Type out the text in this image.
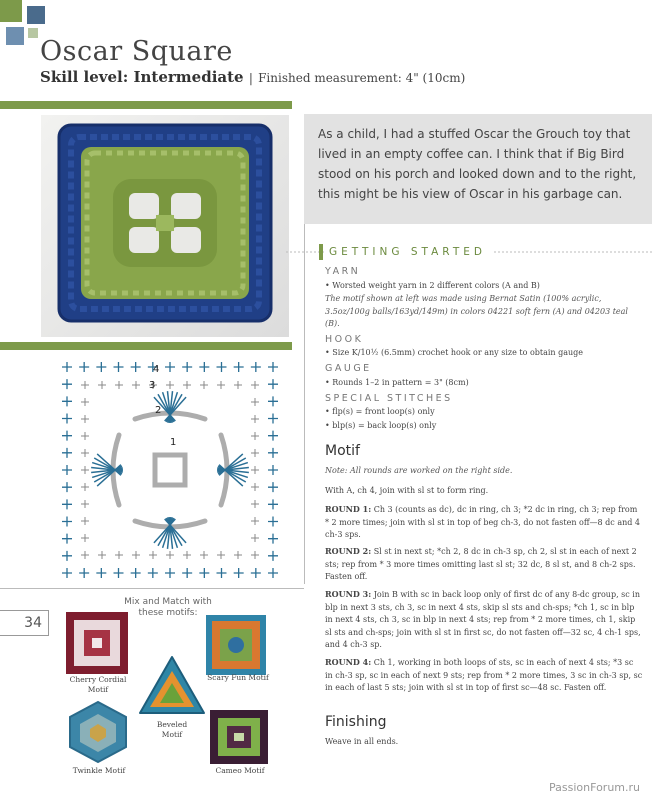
Oscar Square
Skill level: Intermediate | Finished measurement: 4" (10cm)
As a child, I had a stuffed Oscar the Grouch toy that lived in an empty coffee can. I think that if Big Bird stood on his porch and looked down and to the right, this might be his view of Oscar in his garbage can.
GETTING STARTED
YARN
• Worsted weight yarn in 2 different colors (A and B)
The motif shown at left was made using Bernat Satin (100% acrylic, 3.5oz/100g balls/163yd/149m) in colors 04221 soft fern (A) and 04203 teal (B).
HOOK
• Size K/10½ (6.5mm) crochet hook or any size to obtain gauge
GAUGE
• Rounds 1–2 in pattern = 3" (8cm)
SPECIAL STITCHES
• flp(s) = front loop(s) only
• blp(s) = back loop(s) only
Motif
Note: All rounds are worked on the right side.
With A, ch 4, join with sl st to form ring.
ROUND 1: Ch 3 (counts as dc), dc in ring, ch 3; *2 dc in ring, ch 3; rep from * 2 more times; join with sl st in top of beg ch-3, do not fasten off—8 dc and 4 ch-3 sps.
ROUND 2: Sl st in next st; *ch 2, 8 dc in ch-3 sp, ch 2, sl st in each of next 2 sts; rep from * 3 more times omitting last sl st; 32 dc, 8 sl st, and 8 ch-2 sps. Fasten off.
ROUND 3: Join B with sc in back loop only of first dc of any 8-dc group, sc in blp in next 3 sts, ch 3, sc in next 4 sts, skip sl sts and ch-sps; *ch 1, sc in blp in next 4 sts, ch 3, sc in blp in next 4 sts; rep from * 2 more times, ch 1, skip sl sts and ch-sps; join with sl st in first sc, do not fasten off—32 sc, 4 ch-1 sps, and 4 ch-3 sp.
ROUND 4: Ch 1, working in both loops of sts, sc in each of next 4 sts; *3 sc in ch-3 sp, sc in each of next 9 sts; rep from * 2 more times, 3 sc in ch-3 sp, sc in each of last 5 sts; join with sl st in top of first sc—48 sc. Fasten off.
Finishing
Weave in all ends.
4
3
2
1
34
Mix and Match with these motifs:
Cherry Cordial Motif
Scary Fun Motif
Beveled Motif
Twinkle Motif	Cameo Motif
PassionForum.ru
